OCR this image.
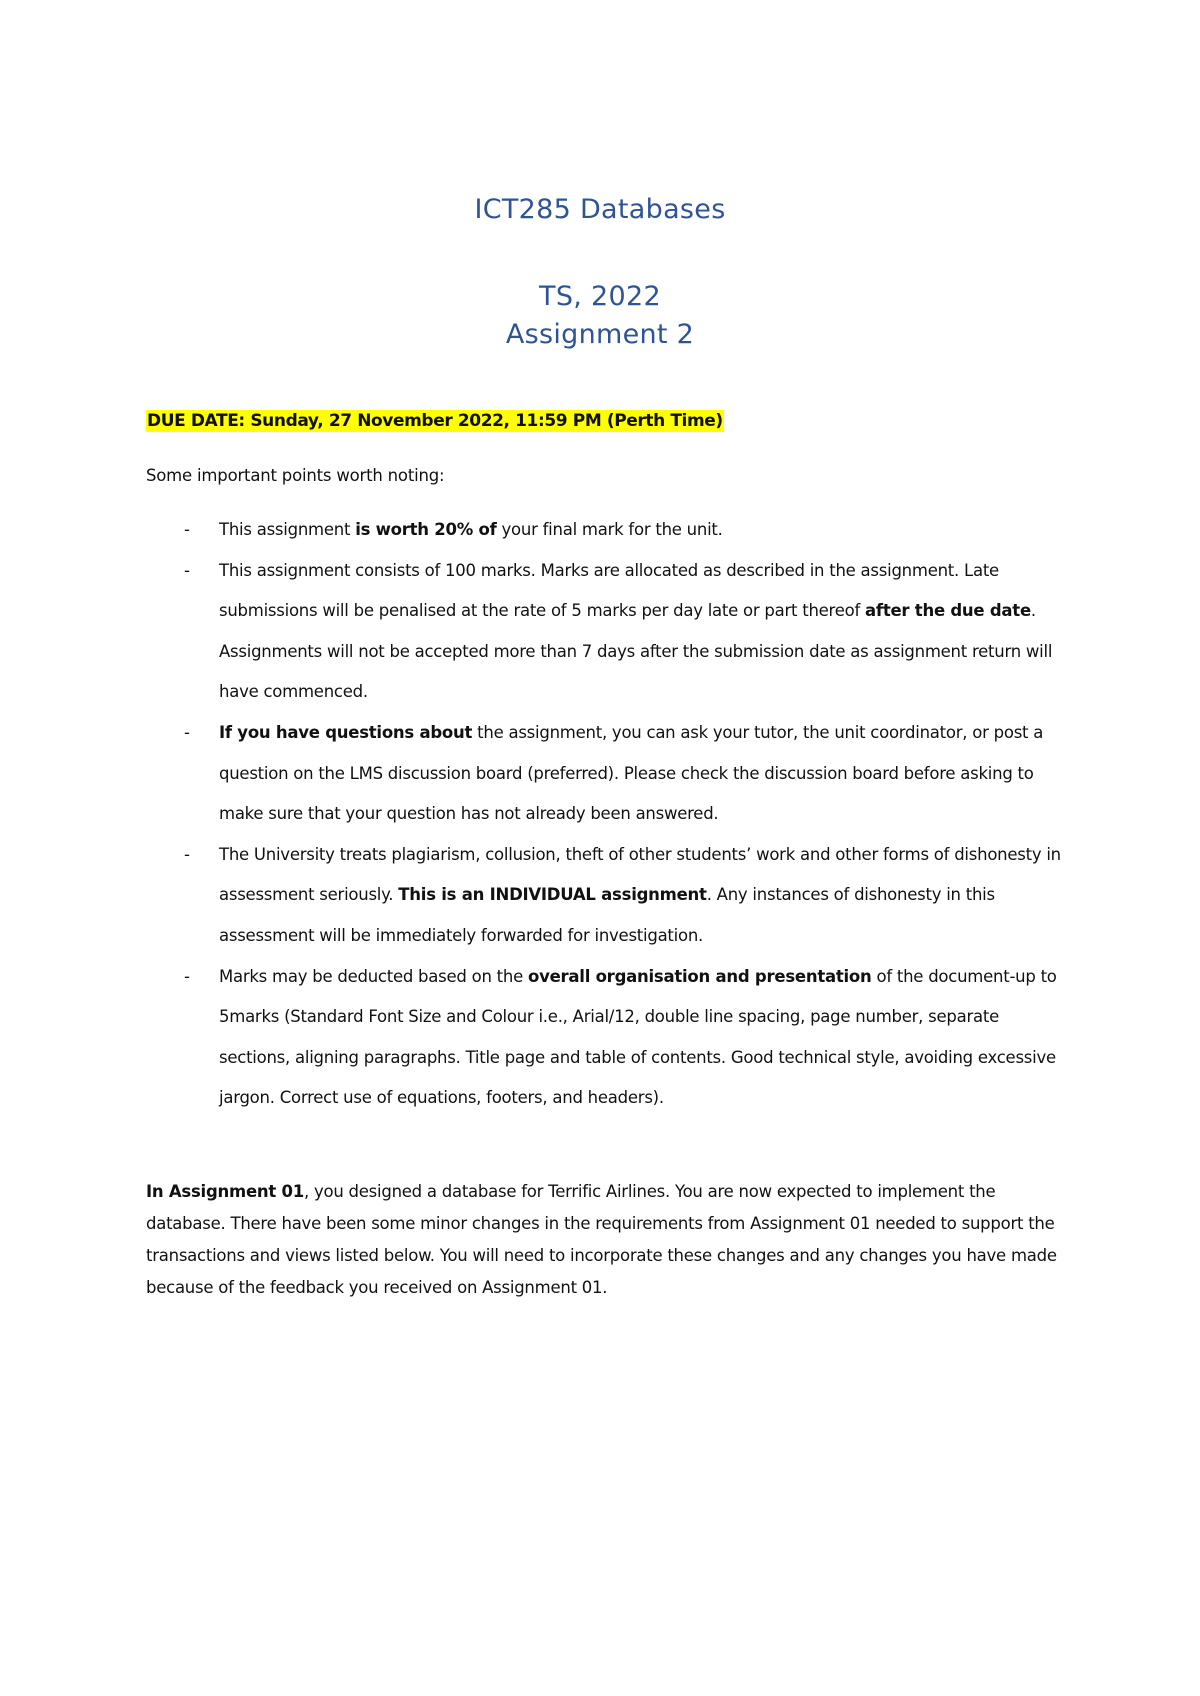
ICT285 Databases
TS, 2022
Assignment 2
DUE DATE: Sunday, 27 November 2022, 11:59 PM (Perth Time)
Some important points worth noting:
- This assignment is worth 20% of your final mark for the unit.
- This assignment consists of 100 marks. Marks are allocated as described in the assignment. Late submissions will be penalised at the rate of 5 marks per day late or part thereof after the due date. Assignments will not be accepted more than 7 days after the submission date as assignment return will have commenced.
- If you have questions about the assignment, you can ask your tutor, the unit coordinator, or post a question on the LMS discussion board (preferred). Please check the discussion board before asking to make sure that your question has not already been answered.
- The University treats plagiarism, collusion, theft of other students’ work and other forms of dishonesty in assessment seriously. This is an INDIVIDUAL assignment. Any instances of dishonesty in this assessment will be immediately forwarded for investigation.
- Marks may be deducted based on the overall organisation and presentation of the document-up to 5marks (Standard Font Size and Colour i.e., Arial/12, double line spacing, page number, separate sections, aligning paragraphs. Title page and table of contents. Good technical style, avoiding excessive jargon. Correct use of equations, footers, and headers).

In Assignment 01, you designed a database for Terrific Airlines. You are now expected to implement the database. There have been some minor changes in the requirements from Assignment 01 needed to support the transactions and views listed below. You will need to incorporate these changes and any changes you have made because of the feedback you received on Assignment 01.
